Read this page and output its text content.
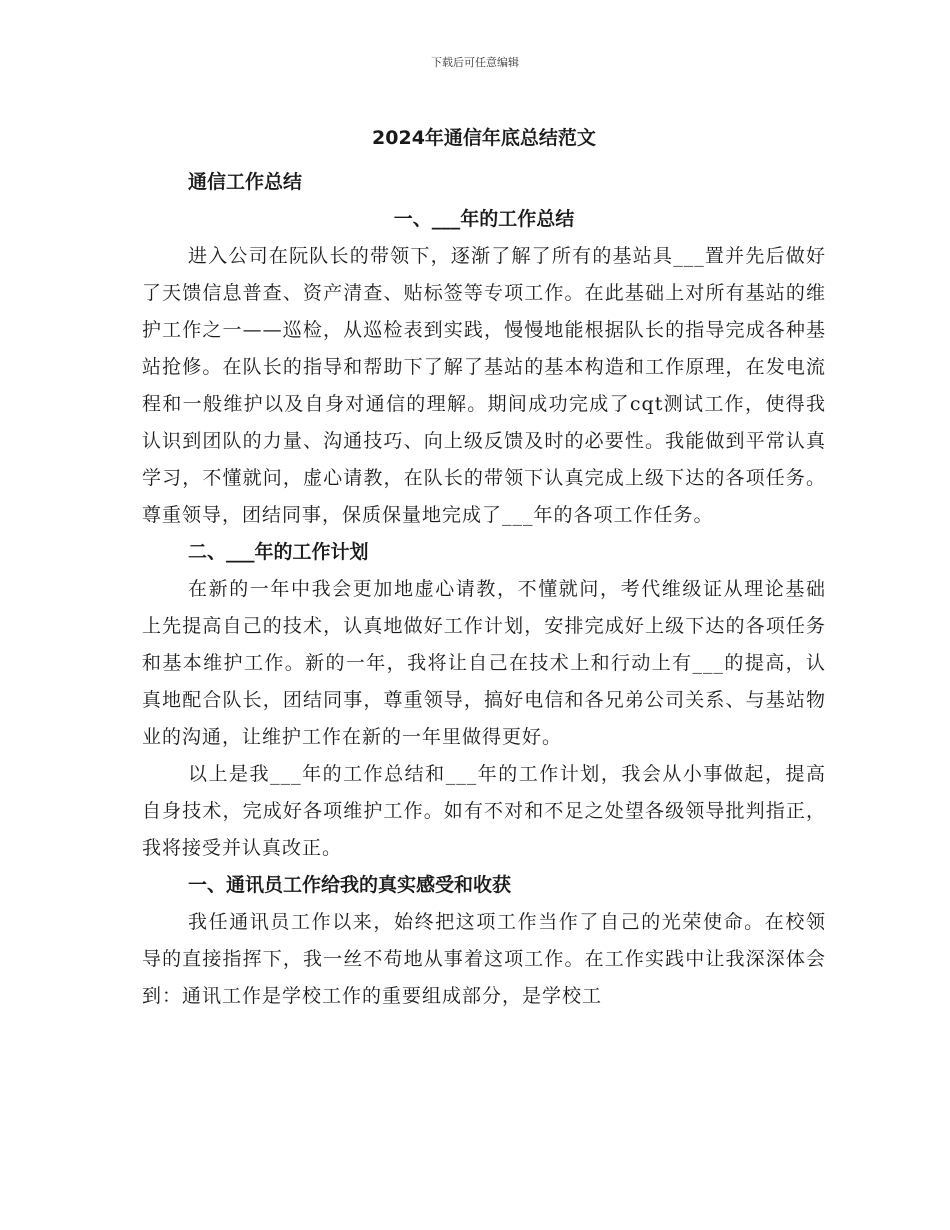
下载后可任意编辑
2024年通信年底总结范文
通信工作总结
一、___年的工作总结

进入公司在阮队长的带领下，逐渐了解了所有的基站具___置并先后做好了天馈信息普查、资产清查、贴标签等专项工作。在此基础上对所有基站的维护工作之一——巡检，从巡检表到实践，慢慢地能根据队长的指导完成各种基站抢修。在队长的指导和帮助下了解了基站的基本构造和工作原理，在发电流程和一般维护以及自身对通信的理解。期间成功完成了cqt测试工作，使得我认识到团队的力量、沟通技巧、向上级反馈及时的必要性。我能做到平常认真学习，不懂就问，虚心请教，在队长的带领下认真完成上级下达的各项任务。尊重领导，团结同事，保质保量地完成了___年的各项工作任务。

二、___年的工作计划

在新的一年中我会更加地虚心请教，不懂就问，考代维级证从理论基础上先提高自己的技术，认真地做好工作计划，安排完成好上级下达的各项任务和基本维护工作。新的一年，我将让自己在技术上和行动上有___的提高，认真地配合队长，团结同事，尊重领导，搞好电信和各兄弟公司关系、与基站物业的沟通，让维护工作在新的一年里做得更好。

以上是我___年的工作总结和___年的工作计划，我会从小事做起，提高自身技术，完成好各项维护工作。如有不对和不足之处望各级领导批判指正，我将接受并认真改正。

一、通讯员工作给我的真实感受和收获

我任通讯员工作以来，始终把这项工作当作了自己的光荣使命。在校领导的直接指挥下，我一丝不苟地从事着这项工作。在工作实践中让我深深体会到：通讯工作是学校工作的重要组成部分，是学校工
